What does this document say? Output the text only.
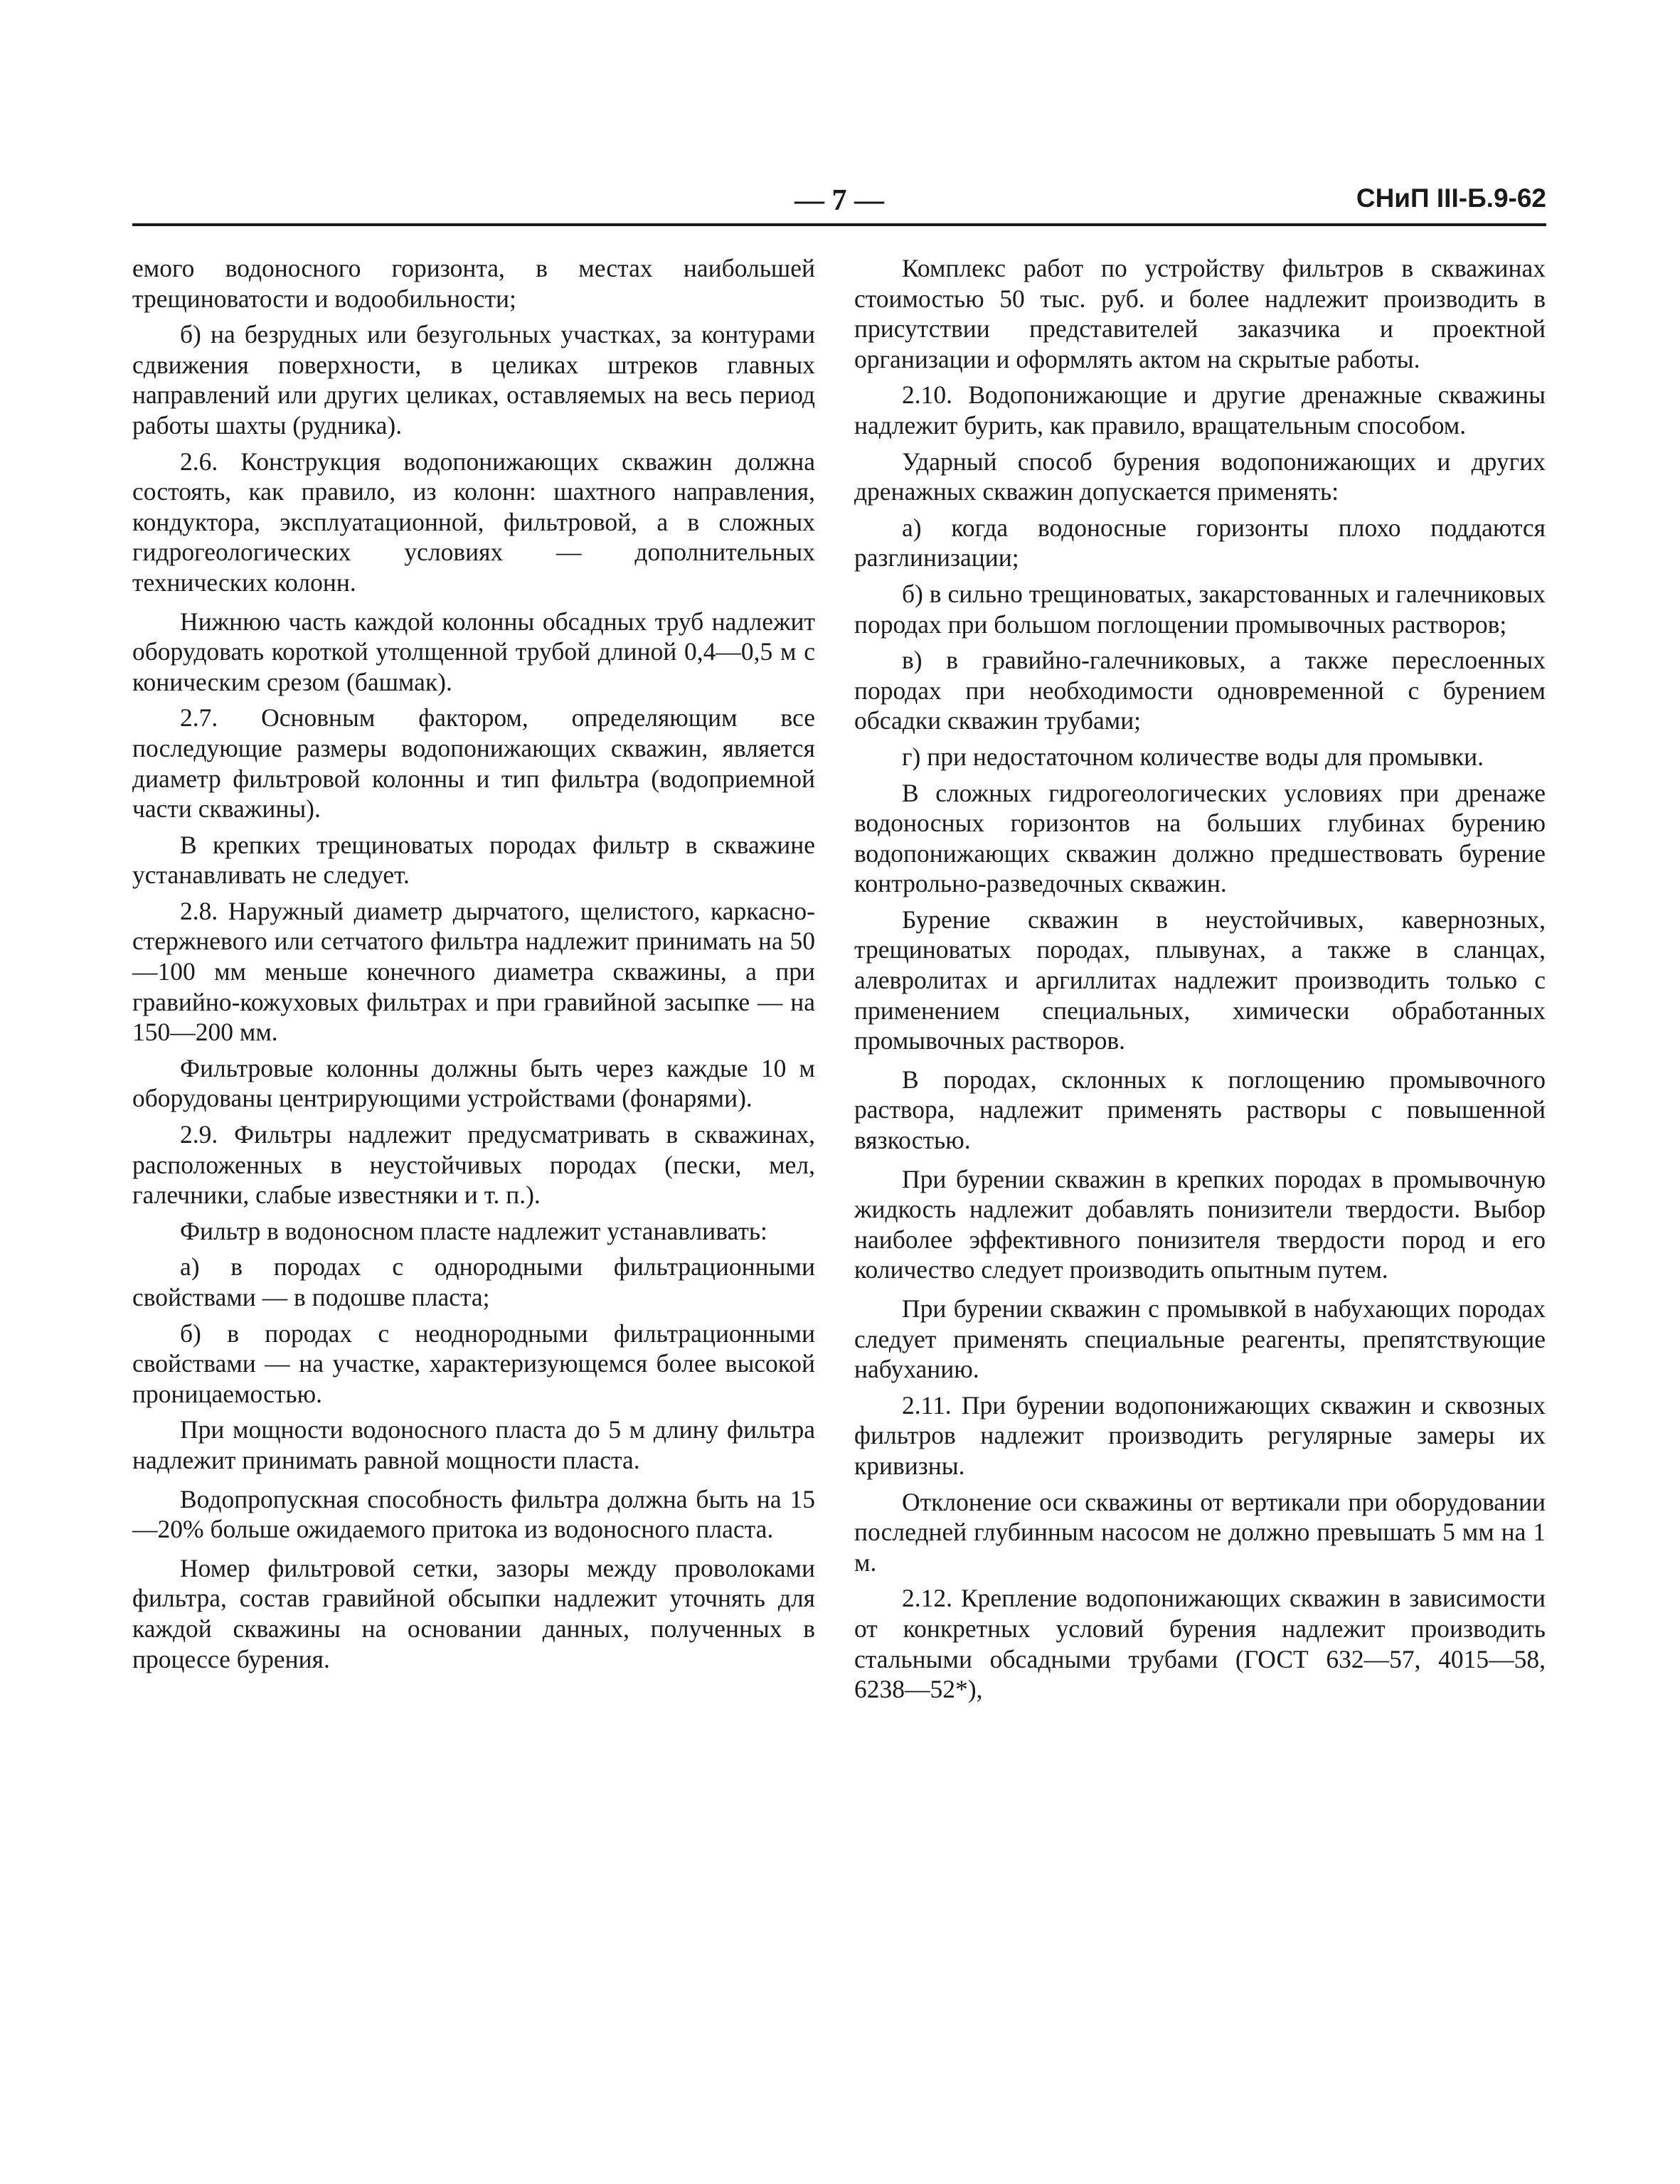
— 7 —	СНиП III-Б.9-62

емого водоносного горизонта, в местах наибольшей трещиноватости и водообильности;

б) на безрудных или безугольных участках, за контурами сдвижения поверхности, в целиках штреков главных направлений или других целиках, оставляемых на весь период работы шахты (рудника).

2.6. Конструкция водопонижающих скважин должна состоять, как правило, из колонн: шахтного направления, кондуктора, эксплуатационной, фильтровой, а в сложных гидрогеологических условиях — дополнительных технических колонн.

Нижнюю часть каждой колонны обсадных труб надлежит оборудовать короткой утолщенной трубой длиной 0,4—0,5 м с коническим срезом (башмак).

2.7. Основным фактором, определяющим все последующие размеры водопонижающих скважин, является диаметр фильтровой колонны и тип фильтра (водоприемной части скважины).

В крепких трещиноватых породах фильтр в скважине устанавливать не следует.

2.8. Наружный диаметр дырчатого, щелистого, каркасно-стержневого или сетчатого фильтра надлежит принимать на 50—100 мм меньше конечного диаметра скважины, а при гравийно-кожуховых фильтрах и при гравийной засыпке — на 150—200 мм.

Фильтровые колонны должны быть через каждые 10 м оборудованы центрирующими устройствами (фонарями).

2.9. Фильтры надлежит предусматривать в скважинах, расположенных в неустойчивых породах (пески, мел, галечники, слабые известняки и т. п.).

Фильтр в водоносном пласте надлежит устанавливать:

а) в породах с однородными фильтрационными свойствами — в подошве пласта;

б) в породах с неоднородными фильтрационными свойствами — на участке, характеризующемся более высокой проницаемостью.

При мощности водоносного пласта до 5 м длину фильтра надлежит принимать равной мощности пласта.

Водопропускная способность фильтра должна быть на 15—20% больше ожидаемого притока из водоносного пласта.

Номер фильтровой сетки, зазоры между проволоками фильтра, состав гравийной обсыпки надлежит уточнять для каждой скважины на основании данных, полученных в процессе бурения.

Комплекс работ по устройству фильтров в скважинах стоимостью 50 тыс. руб. и более надлежит производить в присутствии представителей заказчика и проектной организации и оформлять актом на скрытые работы.

2.10. Водопонижающие и другие дренажные скважины надлежит бурить, как правило, вращательным способом.

Ударный способ бурения водопонижающих и других дренажных скважин допускается применять:

а) когда водоносные горизонты плохо поддаются разглинизации;

б) в сильно трещиноватых, закарстованных и галечниковых породах при большом поглощении промывочных растворов;

в) в гравийно-галечниковых, а также переслоенных породах при необходимости одновременной с бурением обсадки скважин трубами;

г) при недостаточном количестве воды для промывки.

В сложных гидрогеологических условиях при дренаже водоносных горизонтов на больших глубинах бурению водопонижающих скважин должно предшествовать бурение контрольно-разведочных скважин.

Бурение скважин в неустойчивых, кавернозных, трещиноватых породах, плывунах, а также в сланцах, алевролитах и аргиллитах надлежит производить только с применением специальных, химически обработанных промывочных растворов.

В породах, склонных к поглощению промывочного раствора, надлежит применять растворы с повышенной вязкостью.

При бурении скважин в крепких породах в промывочную жидкость надлежит добавлять понизители твердости. Выбор наиболее эффективного понизителя твердости пород и его количество следует производить опытным путем.

При бурении скважин с промывкой в набухающих породах следует применять специальные реагенты, препятствующие набуханию.

2.11. При бурении водопонижающих скважин и сквозных фильтров надлежит производить регулярные замеры их кривизны.

Отклонение оси скважины от вертикали при оборудовании последней глубинным насосом не должно превышать 5 мм на 1 м.

2.12. Крепление водопонижающих скважин в зависимости от конкретных условий бурения надлежит производить стальными обсадными трубами (ГОСТ 632—57, 4015—58, 6238—52*),
